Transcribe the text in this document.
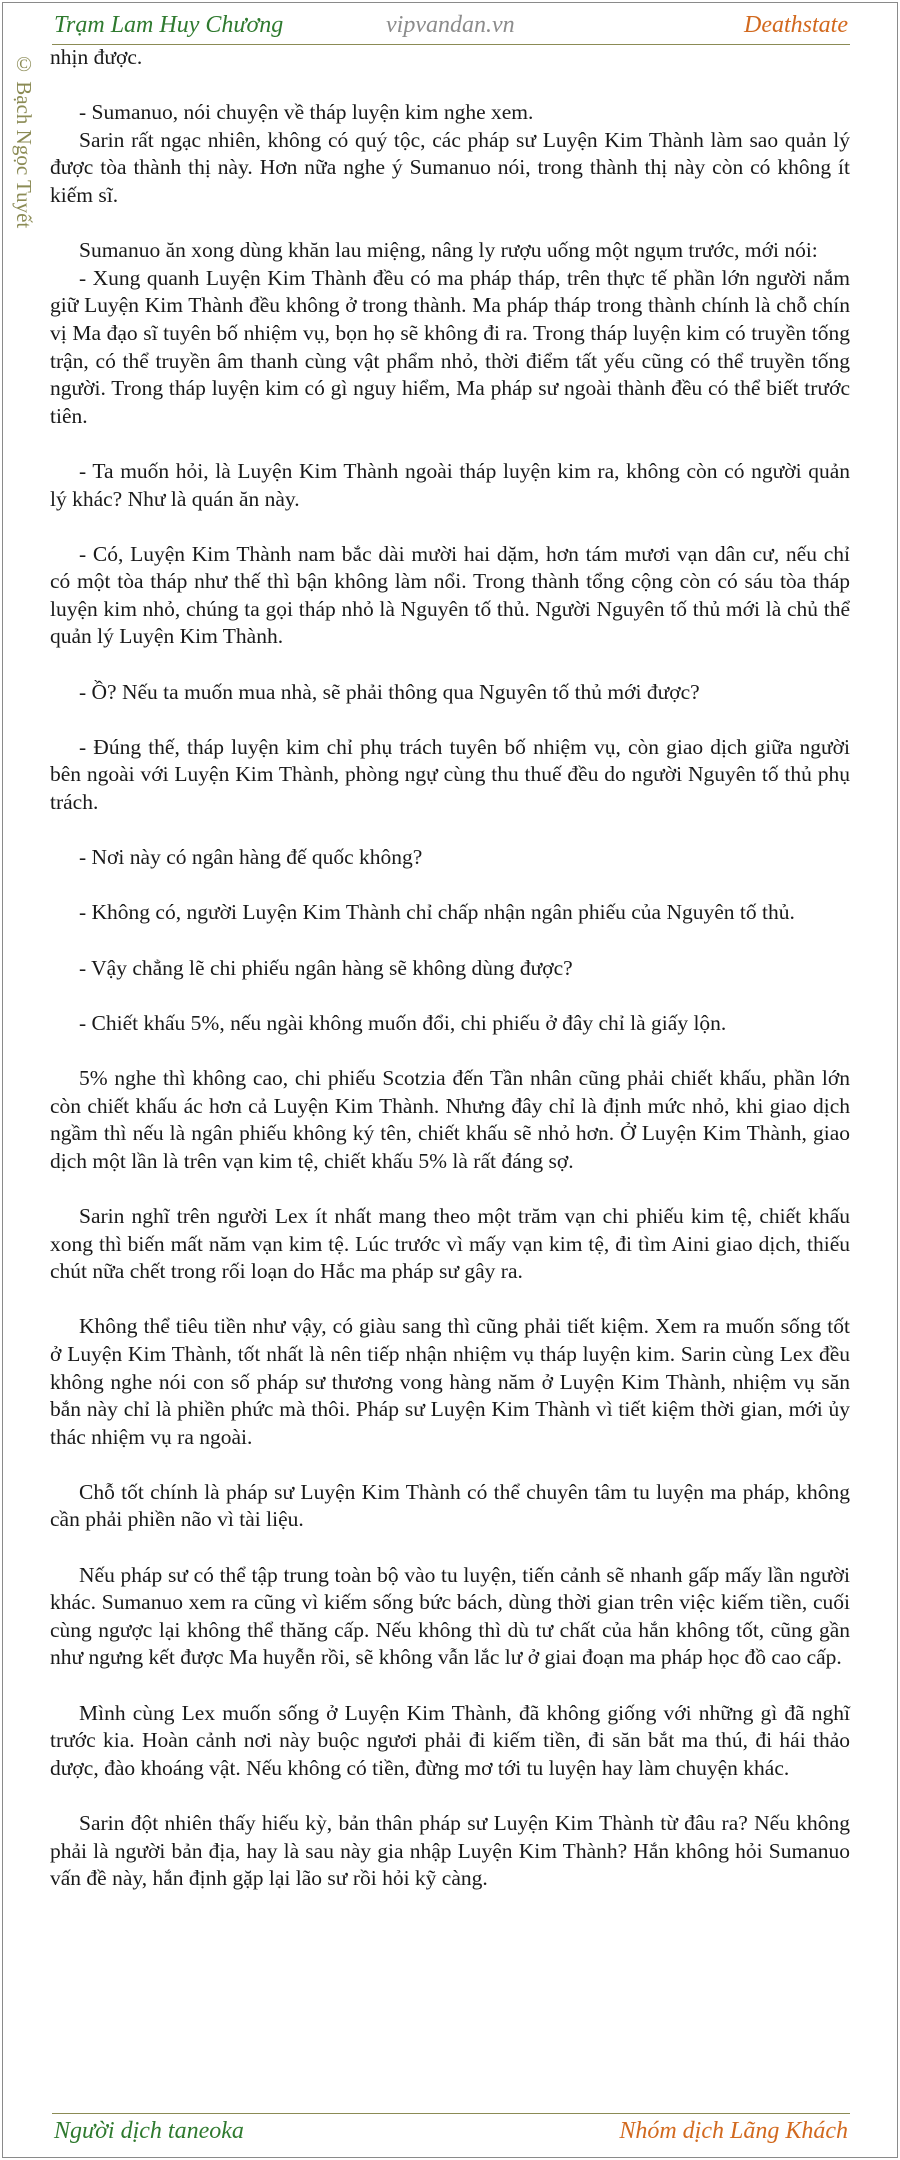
Trạm Lam Huy Chương	vipvandan.vn	Deathstate
© Bạch Ngọc Tuyết nhịn được.

- Sumanuo, nói chuyện về tháp luyện kim nghe xem.

Sarin rất ngạc nhiên, không có quý tộc, các pháp sư Luyện Kim Thành làm sao quản lý được tòa thành thị này. Hơn nữa nghe ý Sumanuo nói, trong thành thị này còn có không ít kiếm sĩ.

Sumanuo ăn xong dùng khăn lau miệng, nâng ly rượu uống một ngụm trước, mới nói:

- Xung quanh Luyện Kim Thành đều có ma pháp tháp, trên thực tế phần lớn người nắm giữ Luyện Kim Thành đều không ở trong thành. Ma pháp tháp trong thành chính là chỗ chín vị Ma đạo sĩ tuyên bố nhiệm vụ, bọn họ sẽ không đi ra. Trong tháp luyện kim có truyền tống trận, có thể truyền âm thanh cùng vật phẩm nhỏ, thời điểm tất yếu cũng có thể truyền tống người. Trong tháp luyện kim có gì nguy hiểm, Ma pháp sư ngoài thành đều có thể biết trước tiên.

- Ta muốn hỏi, là Luyện Kim Thành ngoài tháp luyện kim ra, không còn có người quản lý khác? Như là quán ăn này.

- Có, Luyện Kim Thành nam bắc dài mười hai dặm, hơn tám mươi vạn dân cư, nếu chỉ có một tòa tháp như thế thì bận không làm nổi. Trong thành tổng cộng còn có sáu tòa tháp luyện kim nhỏ, chúng ta gọi tháp nhỏ là Nguyên tố thủ. Người Nguyên tố thủ mới là chủ thể quản lý Luyện Kim Thành.

- Ồ? Nếu ta muốn mua nhà, sẽ phải thông qua Nguyên tố thủ mới được?

- Đúng thế, tháp luyện kim chỉ phụ trách tuyên bố nhiệm vụ, còn giao dịch giữa người bên ngoài với Luyện Kim Thành, phòng ngự cùng thu thuế đều do người Nguyên tố thủ phụ trách.

- Nơi này có ngân hàng đế quốc không?

- Không có, người Luyện Kim Thành chỉ chấp nhận ngân phiếu của Nguyên tố thủ.

- Vậy chẳng lẽ chi phiếu ngân hàng sẽ không dùng được?

- Chiết khấu 5%, nếu ngài không muốn đổi, chi phiếu ở đây chỉ là giấy lộn.

5% nghe thì không cao, chi phiếu Scotzia đến Tần nhân cũng phải chiết khấu, phần lớn còn chiết khấu ác hơn cả Luyện Kim Thành. Nhưng đây chỉ là định mức nhỏ, khi giao dịch ngầm thì nếu là ngân phiếu không ký tên, chiết khấu sẽ nhỏ hơn. Ở Luyện Kim Thành, giao dịch một lần là trên vạn kim tệ, chiết khấu 5% là rất đáng sợ.

Sarin nghĩ trên người Lex ít nhất mang theo một trăm vạn chi phiếu kim tệ, chiết khấu xong thì biến mất năm vạn kim tệ. Lúc trước vì mấy vạn kim tệ, đi tìm Aini giao dịch, thiếu chút nữa chết trong rối loạn do Hắc ma pháp sư gây ra.

Không thể tiêu tiền như vậy, có giàu sang thì cũng phải tiết kiệm. Xem ra muốn sống tốt ở Luyện Kim Thành, tốt nhất là nên tiếp nhận nhiệm vụ tháp luyện kim. Sarin cùng Lex đều không nghe nói con số pháp sư thương vong hàng năm ở Luyện Kim Thành, nhiệm vụ săn bắn này chỉ là phiền phức mà thôi. Pháp sư Luyện Kim Thành vì tiết kiệm thời gian, mới ủy thác nhiệm vụ ra ngoài.

Chỗ tốt chính là pháp sư Luyện Kim Thành có thể chuyên tâm tu luyện ma pháp, không cần phải phiền não vì tài liệu.

Nếu pháp sư có thể tập trung toàn bộ vào tu luyện, tiến cảnh sẽ nhanh gấp mấy lần người khác. Sumanuo xem ra cũng vì kiếm sống bức bách, dùng thời gian trên việc kiếm tiền, cuối cùng ngược lại không thể thăng cấp. Nếu không thì dù tư chất của hắn không tốt, cũng gần như ngưng kết được Ma huyễn rồi, sẽ không vẫn lắc lư ở giai đoạn ma pháp học đồ cao cấp.

Mình cùng Lex muốn sống ở Luyện Kim Thành, đã không giống với những gì đã nghĩ trước kia. Hoàn cảnh nơi này buộc ngươi phải đi kiếm tiền, đi săn bắt ma thú, đi hái thảo dược, đào khoáng vật. Nếu không có tiền, đừng mơ tới tu luyện hay làm chuyện khác.

Sarin đột nhiên thấy hiếu kỳ, bản thân pháp sư Luyện Kim Thành từ đâu ra? Nếu không phải là người bản địa, hay là sau này gia nhập Luyện Kim Thành? Hắn không hỏi Sumanuo vấn đề này, hắn định gặp lại lão sư rồi hỏi kỹ càng.

Người dịch taneoka	Nhóm dịch Lãng Khách
